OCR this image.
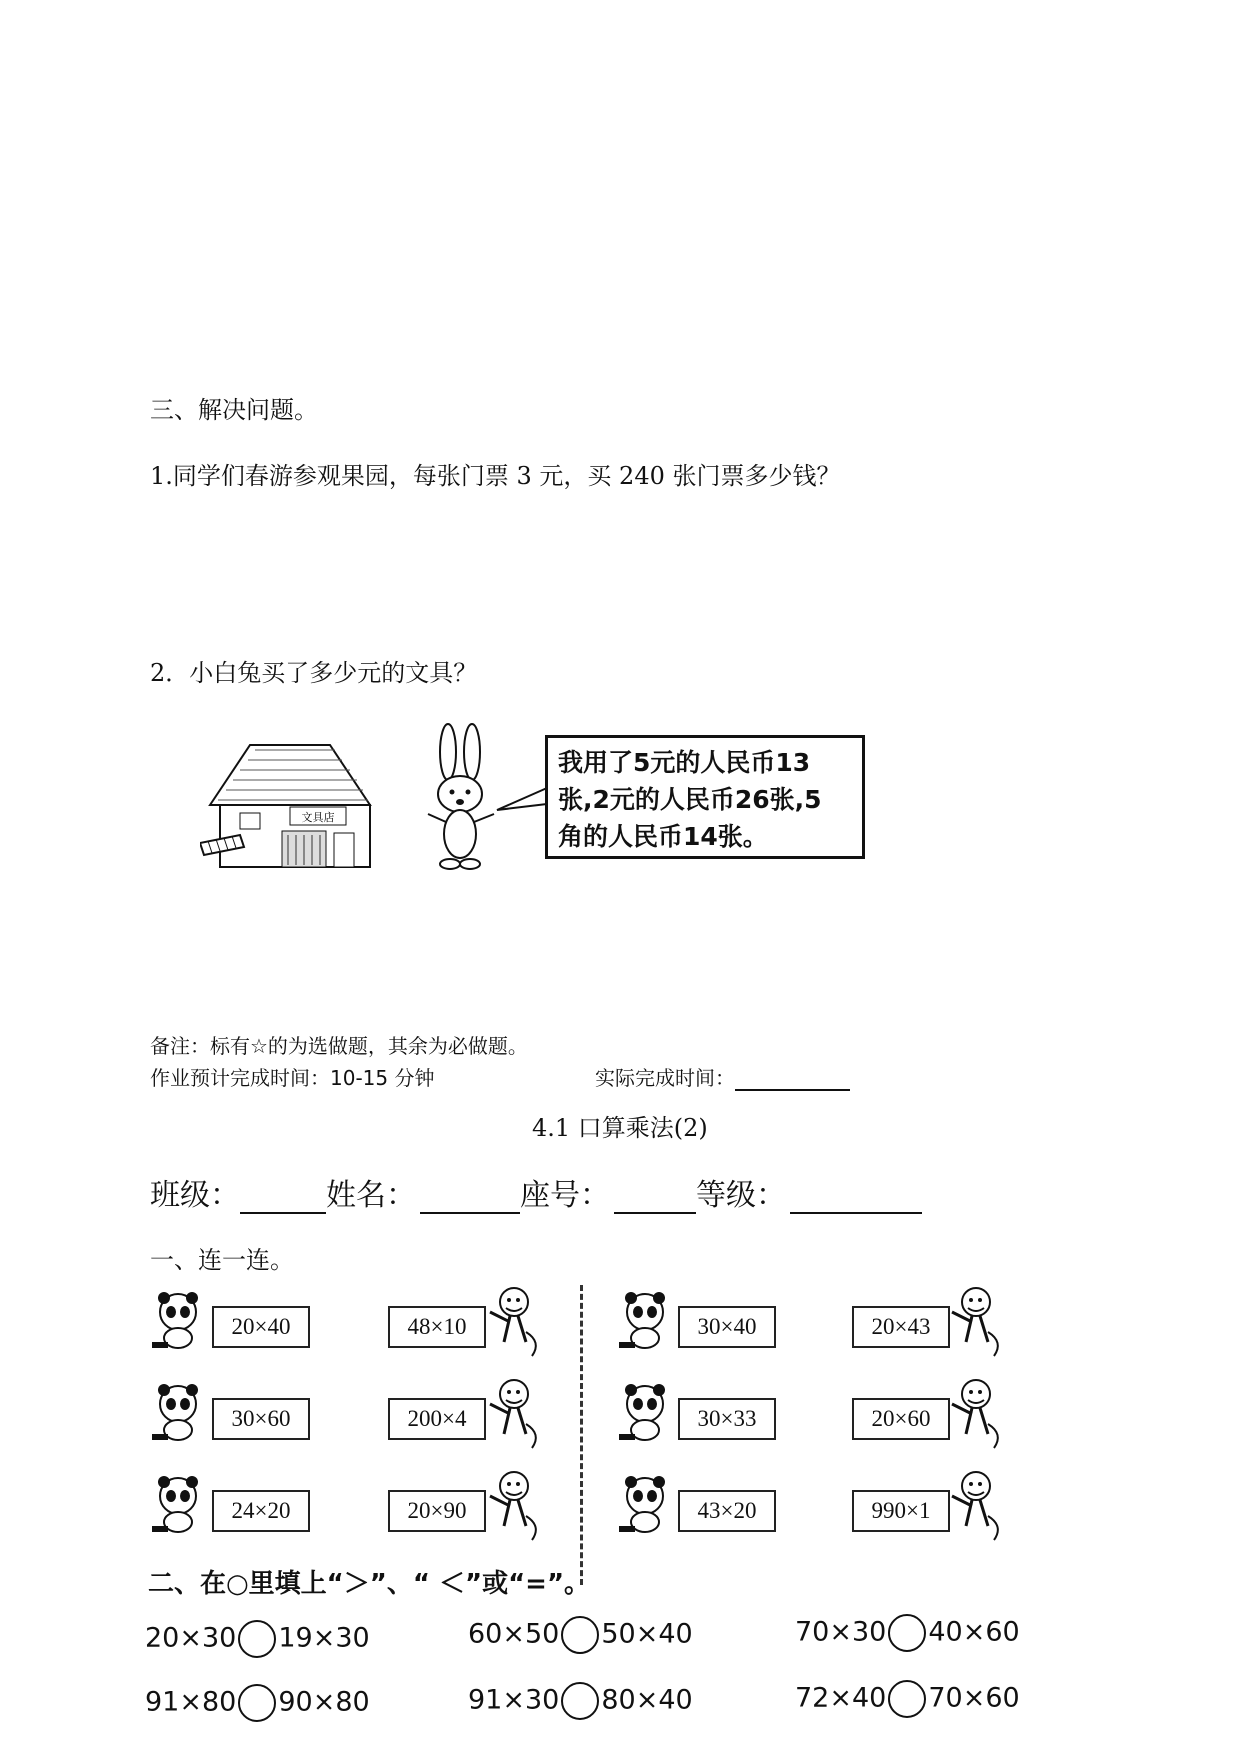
三、解决问题。
1.同学们春游参观果园，每张门票 3 元，买 240 张门票多少钱？
2．小白兔买了多少元的文具？
文具店
我用了5元的人民币13
张,2元的人民币26张,5
角的人民币14张。
备注：标有☆的为选做题，其余为必做题。
作业预计完成时间：10-15 分钟	实际完成时间：
4.1 口算乘法(2)
班级：	姓名：	座号：	等级：
一、连一连。
20×40
30×60
24×20
48×10
200×4
20×90
30×40
30×33
43×20
20×43
20×60
990×1
二、在○里填上“＞”、“ ＜”或“=”。
20×30 19×30	60×50 50×40	70×30 40×60
91×80 90×80	91×30 80×40	72×40 70×60
